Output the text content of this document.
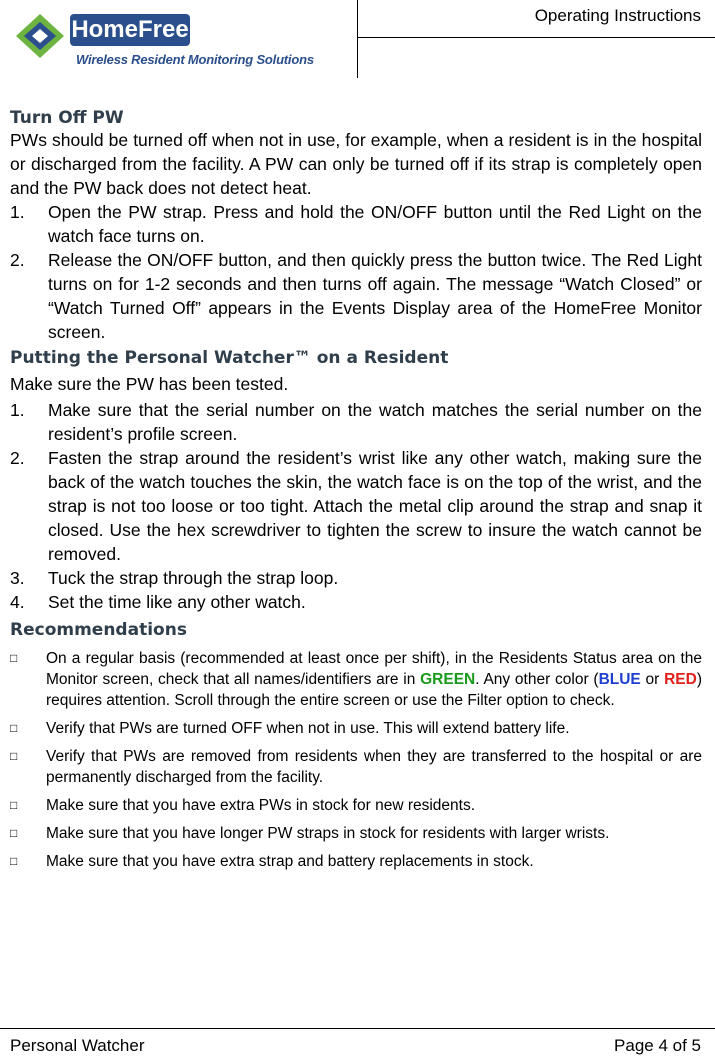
HomeFree
Wireless Resident Monitoring Solutions
Operating Instructions
Turn Off PW

PWs should be turned off when not in use, for example, when a resident is in the hospital or discharged from the facility. A PW can only be turned off if its strap is completely open and the PW back does not detect heat.

1. Open the PW strap. Press and hold the ON/OFF button until the Red Light on the watch face turns on.
2. Release the ON/OFF button, and then quickly press the button twice. The Red Light turns on for 1-2 seconds and then turns off again. The message “Watch Closed” or “Watch Turned Off” appears in the Events Display area of the HomeFree Monitor screen.
Putting the Personal Watcher™ on a Resident

Make sure the PW has been tested.

1. Make sure that the serial number on the watch matches the serial number on the resident’s profile screen.
2. Fasten the strap around the resident’s wrist like any other watch, making sure the back of the watch touches the skin, the watch face is on the top of the wrist, and the strap is not too loose or too tight. Attach the metal clip around the strap and snap it closed. Use the hex screwdriver to tighten the screw to insure the watch cannot be removed.
3. Tuck the strap through the strap loop.
4. Set the time like any other watch.
Recommendations
□ On a regular basis (recommended at least once per shift), in the Residents Status area on the Monitor screen, check that all names/identifiers are in GREEN. Any other color (BLUE or RED) requires attention. Scroll through the entire screen or use the Filter option to check.
□ Verify that PWs are turned OFF when not in use. This will extend battery life.
□ Verify that PWs are removed from residents when they are transferred to the hospital or are permanently discharged from the facility.
□ Make sure that you have extra PWs in stock for new residents.
□ Make sure that you have longer PW straps in stock for residents with larger wrists.
□ Make sure that you have extra strap and battery replacements in stock.
Personal Watcher	Page 4 of 5
